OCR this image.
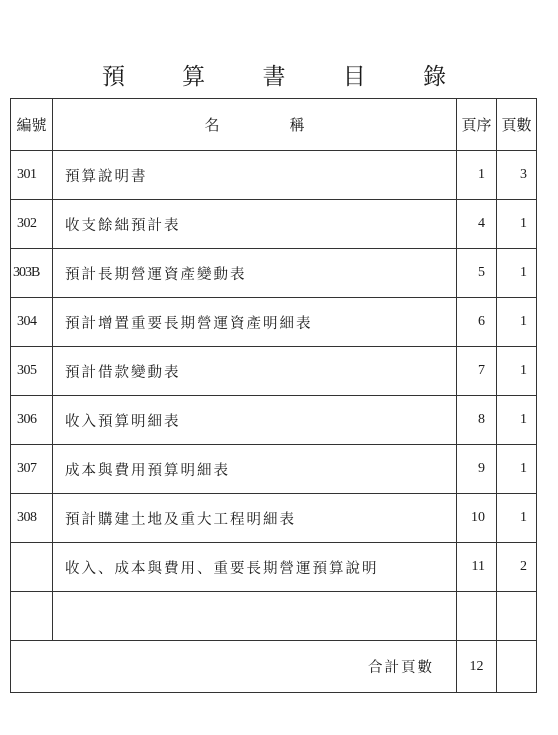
預 算 書 目 錄
編號	名 稱	頁序	頁數
301	預算說明書	1	3
302	收支餘絀預計表	4	1
303B	預計長期營運資產變動表	5	1
304	預計增置重要長期營運資產明細表	6	1
305	預計借款變動表	7	1
306	收入預算明細表	8	1
307	成本與費用預算明細表	9	1
308	預計購建土地及重大工程明細表	10	1
	收入、成本與費用、重要長期營運預算說明	11	2

合計頁數		12	
